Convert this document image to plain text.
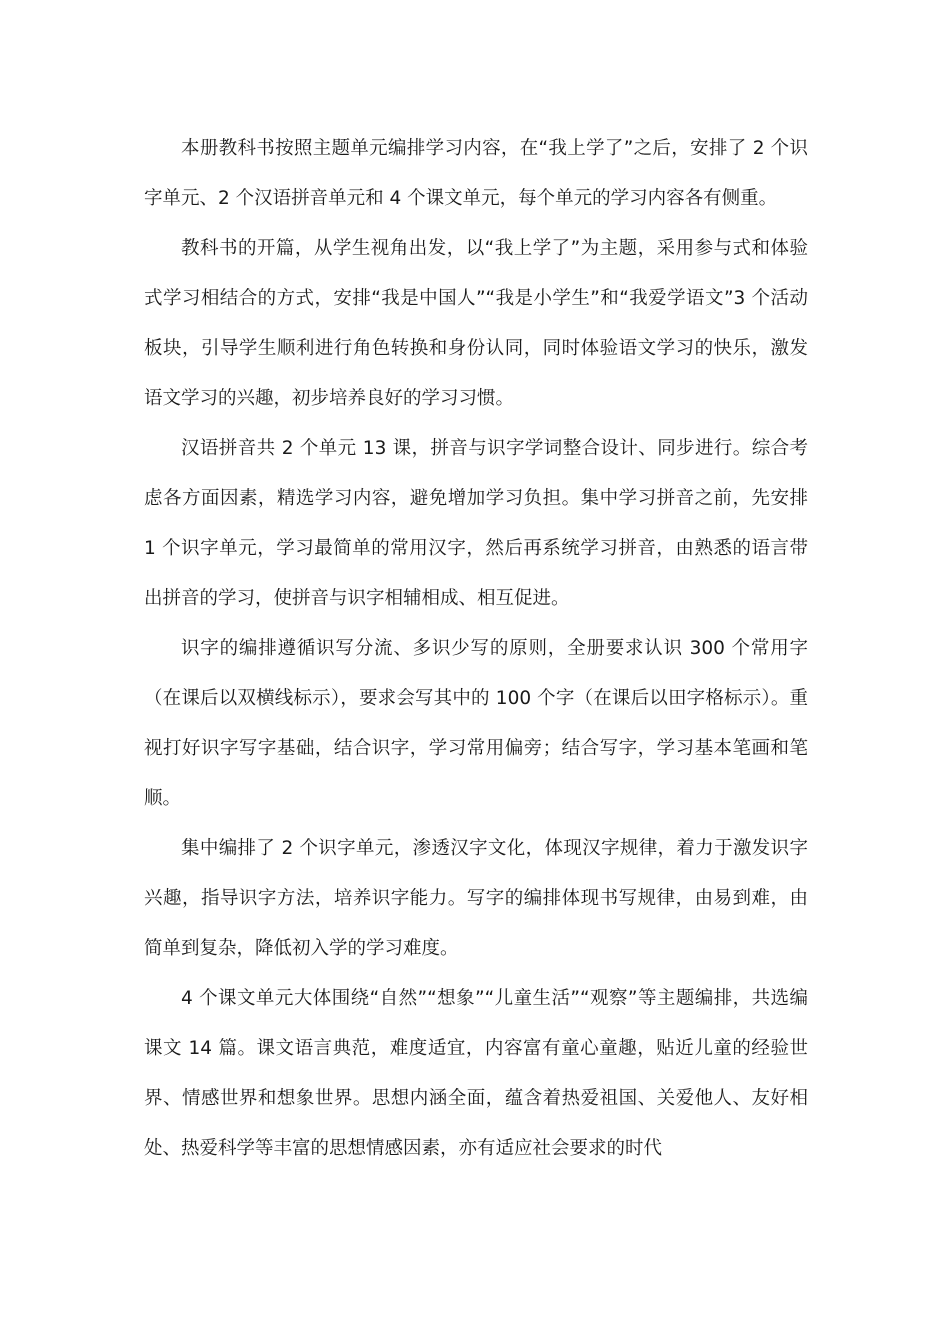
本册教科书按照主题单元编排学习内容，在“我上学了”之后，安排了 2 个识字单元、2 个汉语拼音单元和 4 个课文单元，每个单元的学习内容各有侧重。

教科书的开篇，从学生视角出发，以“我上学了”为主题，采用参与式和体验式学习相结合的方式，安排“我是中国人”“我是小学生”和“我爱学语文”3 个活动板块，引导学生顺利进行角色转换和身份认同，同时体验语文学习的快乐，激发语文学习的兴趣，初步培养良好的学习习惯。

汉语拼音共 2 个单元 13 课，拼音与识字学词整合设计、同步进行。综合考虑各方面因素，精选学习内容，避免增加学习负担。集中学习拼音之前，先安排 1 个识字单元，学习最简单的常用汉字，然后再系统学习拼音，由熟悉的语言带出拼音的学习，使拼音与识字相辅相成、相互促进。

识字的编排遵循识写分流、多识少写的原则，全册要求认识 300 个常用字（在课后以双横线标示），要求会写其中的 100 个字（在课后以田字格标示）。重视打好识字写字基础，结合识字，学习常用偏旁；结合写字，学习基本笔画和笔顺。

集中编排了 2 个识字单元，渗透汉字文化，体现汉字规律，着力于激发识字兴趣，指导识字方法，培养识字能力。写字的编排体现书写规律，由易到难，由简单到复杂，降低初入学的学习难度。

4 个课文单元大体围绕“自然”“想象”“儿童生活”“观察”等主题编排，共选编课文 14 篇。课文语言典范，难度适宜，内容富有童心童趣，贴近儿童的经验世界、情感世界和想象世界。思想内涵全面，蕴含着热爱祖国、关爱他人、友好相处、热爱科学等丰富的思想情感因素，亦有适应社会要求的时代
